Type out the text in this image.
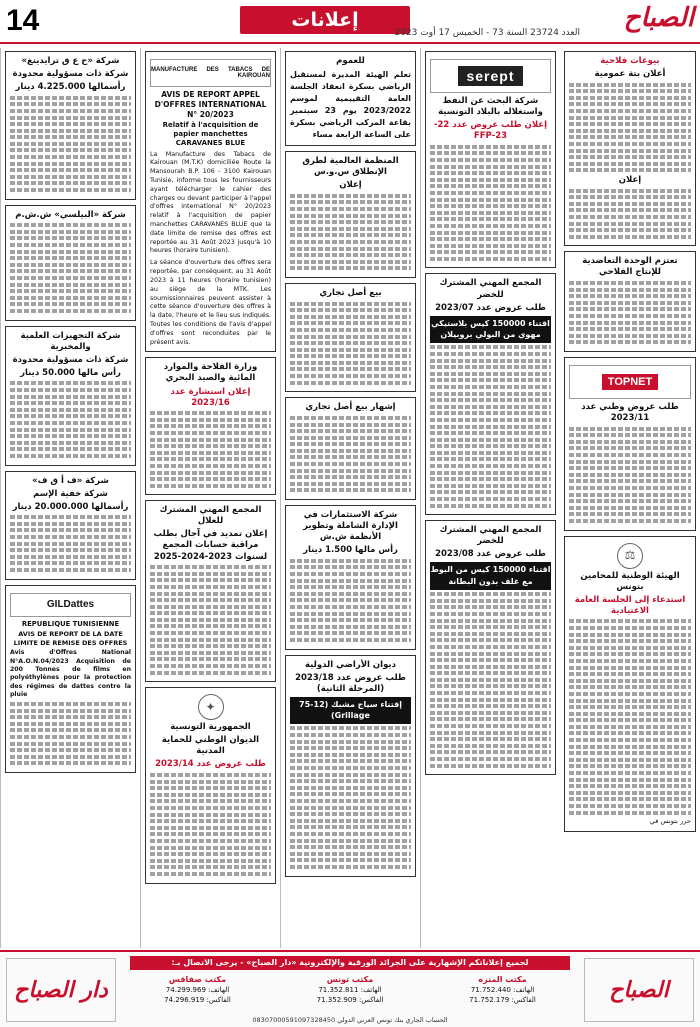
14	إعلانات	الصباح
العدد 23724 السنة 73 - الخميس 17 أوت 2023
بيوعات فلاحية
أعلان بتة عمومية
إعلان
تعتزم الوحدة التعاضدية للإنتاج الفلاحي
TOPNET
طلب عروض وطني عدد 2023/11
⚖
الهيئة الوطنية للمحامين بتونس
استدعاء إلى الجلسة العامة الاعتيادية
حرر بتونس في
serept
شركة البحث عن النفط واستغلاله بالبلاد التونسية
إعلان طلب عروض عدد 22-23-FFP
المجمع المهني المشترك للخضر
طلب عروض عدد 2023/07
اقتناء 150000 كيس بلاستيكي مهوي من البولي بروبيلان
المجمع المهني المشترك للخضر
طلب عروض عدد 2023/08
اقتناء 150000 كيس من البوط مع غلف بدون البطانة
للعموم
تعلم الهيئة المديرة لمستقبل الرياضي بسكرة انعقاد الجلسة العامة التقييمية لموسم 2023/2022 يوم 23 سبتمبر بقاعة المركب الرياضي بسكرة على الساعة الرابعة مساء
المنظمة العالمية لطرق الإنطلاق س.و.س
إعلان
بيع أصل تجاري
إشهار بيع أصل تجاري
شركة الاستثمارات في الإدارة الشاملة وتطوير الأنظمة ش.ش
رأس مالها 1.500 دينار
ديوان الأراضي الدولية
طلب عروض عدد 2023/18 (المرحلة الثانية)
إقتناء سياج مشبك (12-75 Grillage)
MANUFACTURE DES TABACS DE KAIROUAN
AVIS DE REPORT APPEL D'OFFRES INTERNATIONAL N° 20/2023
Relatif à l'acquisition de papier manchettes CARAVANES BLUE
La Manufacture des Tabacs de Kairouan (M.T.K) domiciliée Route la Mansourah B.P. 106 - 3100 Kairouan Tunisie, informe tous les fournisseurs ayant télécharger le cahier des charges ou devant participer à l'appel d'offres international N° 20/2023 relatif à l'acquisition de papier manchettes CARAVANES BLUE que la date limite de remise des offres est reportée au 31 Août 2023 jusqu'à 10 heures (horaire tunisien).
La séance d'ouverture des offres sera reportée, par conséquent, au 31 Août 2023 à 11 heures (horaire tunisien) au siège de la MTK. Les soumissionnaires peuvent assister à cette séance d'ouverture des offres à la date, l'heure et le lieu sus indiqués. Toutes les conditions de l'avis d'appel d'offres sont reconduites par le présent avis.
وزارة الفلاحة والموارد المائية والصيد البحري
إعلان استشارة عدد 2023/16
المجمع المهني المشترك للغلال
إعلان تمديد في آجال بطلب مراقبة حسابات المجمع لسنوات 2023-2024-2025
✦
الجمهورية التونسية
الديوان الوطني للحماية المدنية
طلب عروض عدد 2023/14
شركة «ح ع ق ترايدينغ»
شركة ذات مسؤولية محدودة
رأسمالها 4.225.000 دينار
شركة «البيلسي» ش.ش.م
شركة التجهيزات العلمية والمخبرية
شركة ذات مسؤولية محدودة
رأس مالها 50.000 دينار
شركة «ف أ ق ف»
شركة خفية الإسم
رأسمالها 20.000.000 دينار
GILDattes
REPUBLIQUE TUNISIENNE
AVIS DE REPORT DE LA DATE LIMITE DE REMISE DES OFFRES
Avis d'Offres National N°A.O.N.04/2023 Acquisition de 200 Tonnes de films en polyéthylènes pour la protection des régimes de dattes contre la pluie
لجميع إعلاناتكم الإشهارية على الجرائد الورقية والإلكترونية «دار الصباح» - يرجى الاتصال بـ:
دار الصباح	الصباح
مكتب المنزه
الهاتف: 71.752.440
الفاكس: 71.752.179
مكتب تونس
الهاتف: 71.352.811
الفاكس: 71.352.909
مكتب صفاقس
الهاتف: 74.299.969
الفاكس: 74.296.919
الحساب الجاري بنك تونس العربي الدولي 08307000591097328450
